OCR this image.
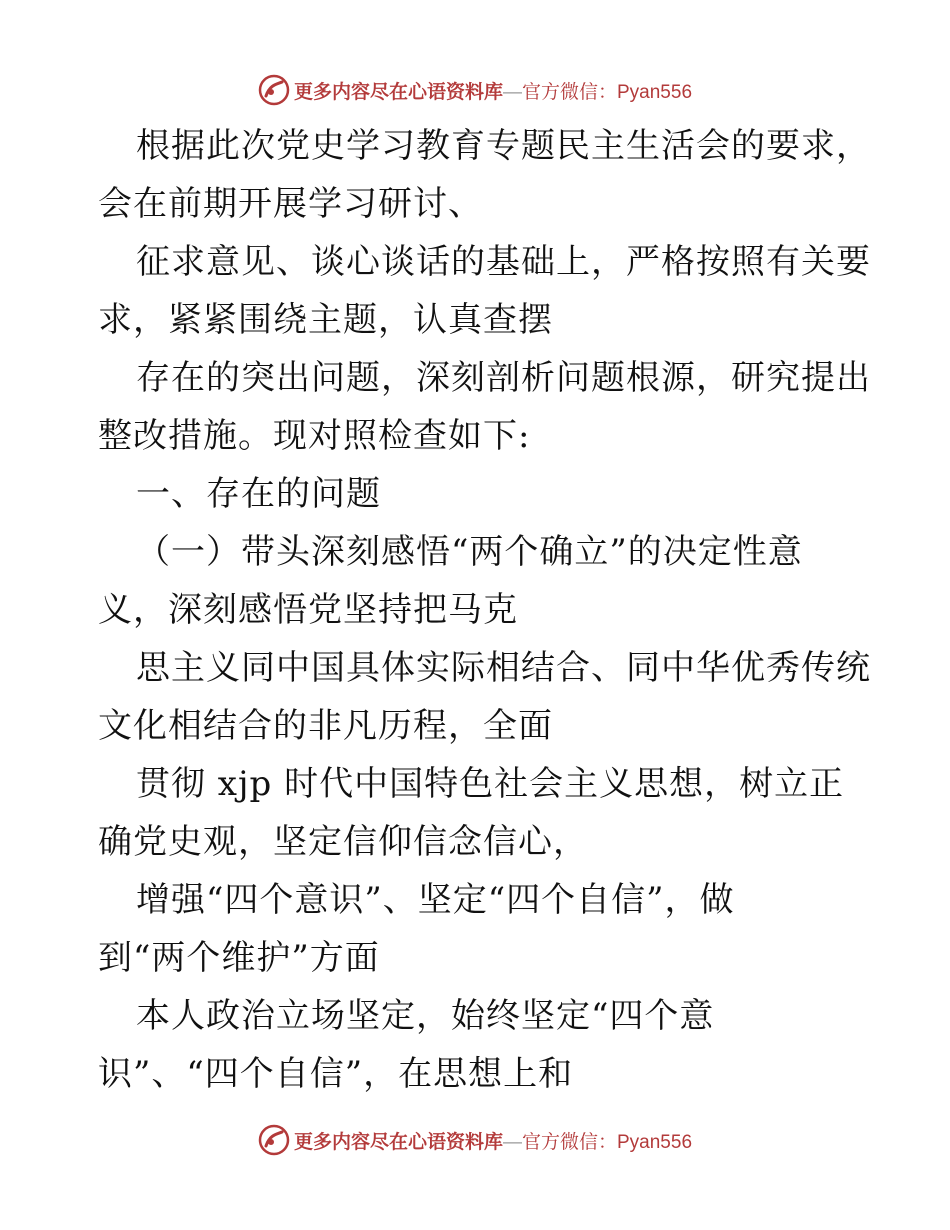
更多内容尽在心语资料库—官方微信：Pyan556
根据此次党史学习教育专题民主生活会的要求，
会在前期开展学习研讨、
征求意见、谈心谈话的基础上，严格按照有关要
求，紧紧围绕主题，认真查摆
存在的突出问题，深刻剖析问题根源，研究提出
整改措施。现对照检查如下:
一、存在的问题
（一）带头深刻感悟“两个确立”的决定性意
义，深刻感悟党坚持把马克
思主义同中国具体实际相结合、同中华优秀传统
文化相结合的非凡历程，全面
贯彻 xjp 时代中国特色社会主义思想，树立正
确党史观，坚定信仰信念信心，
增强“四个意识”、坚定“四个自信”，做
到“两个维护”方面
本人政治立场坚定，始终坚定“四个意
识”、“四个自信”，在思想上和
更多内容尽在心语资料库—官方微信：Pyan556
